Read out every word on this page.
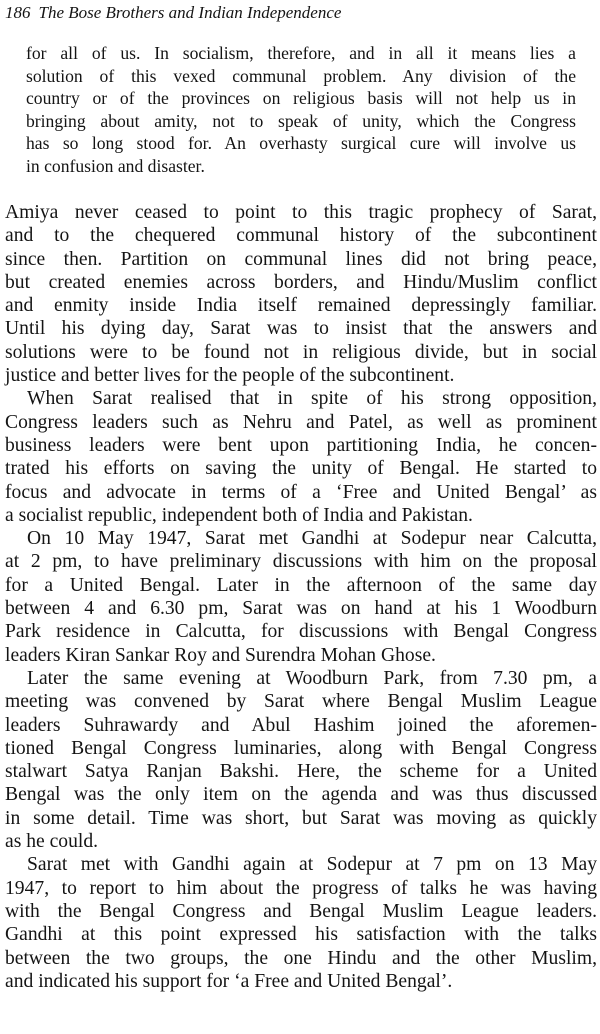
186 The Bose Brothers and Indian Independence
for all of us. In socialism, therefore, and in all it means lies a
solution of this vexed communal problem. Any division of the
country or of the provinces on religious basis will not help us in
bringing about amity, not to speak of unity, which the Congress
has so long stood for. An overhasty surgical cure will involve us
in confusion and disaster.
Amiya never ceased to point to this tragic prophecy of Sarat,
and to the chequered communal history of the subcontinent
since then. Partition on communal lines did not bring peace,
but created enemies across borders, and Hindu/Muslim conflict
and enmity inside India itself remained depressingly familiar.
Until his dying day, Sarat was to insist that the answers and
solutions were to be found not in religious divide, but in social
justice and better lives for the people of the subcontinent.
When Sarat realised that in spite of his strong opposition,
Congress leaders such as Nehru and Patel, as well as prominent
business leaders were bent upon partitioning India, he concen-
trated his efforts on saving the unity of Bengal. He started to
focus and advocate in terms of a ‘Free and United Bengal’ as
a socialist republic, independent both of India and Pakistan.
On 10 May 1947, Sarat met Gandhi at Sodepur near Calcutta,
at 2 pm, to have preliminary discussions with him on the proposal
for a United Bengal. Later in the afternoon of the same day
between 4 and 6.30 pm, Sarat was on hand at his 1 Woodburn
Park residence in Calcutta, for discussions with Bengal Congress
leaders Kiran Sankar Roy and Surendra Mohan Ghose.
Later the same evening at Woodburn Park, from 7.30 pm, a
meeting was convened by Sarat where Bengal Muslim League
leaders Suhrawardy and Abul Hashim joined the aforemen-
tioned Bengal Congress luminaries, along with Bengal Congress
stalwart Satya Ranjan Bakshi. Here, the scheme for a United
Bengal was the only item on the agenda and was thus discussed
in some detail. Time was short, but Sarat was moving as quickly
as he could.
Sarat met with Gandhi again at Sodepur at 7 pm on 13 May
1947, to report to him about the progress of talks he was having
with the Bengal Congress and Bengal Muslim League leaders.
Gandhi at this point expressed his satisfaction with the talks
between the two groups, the one Hindu and the other Muslim,
and indicated his support for ‘a Free and United Bengal’.
